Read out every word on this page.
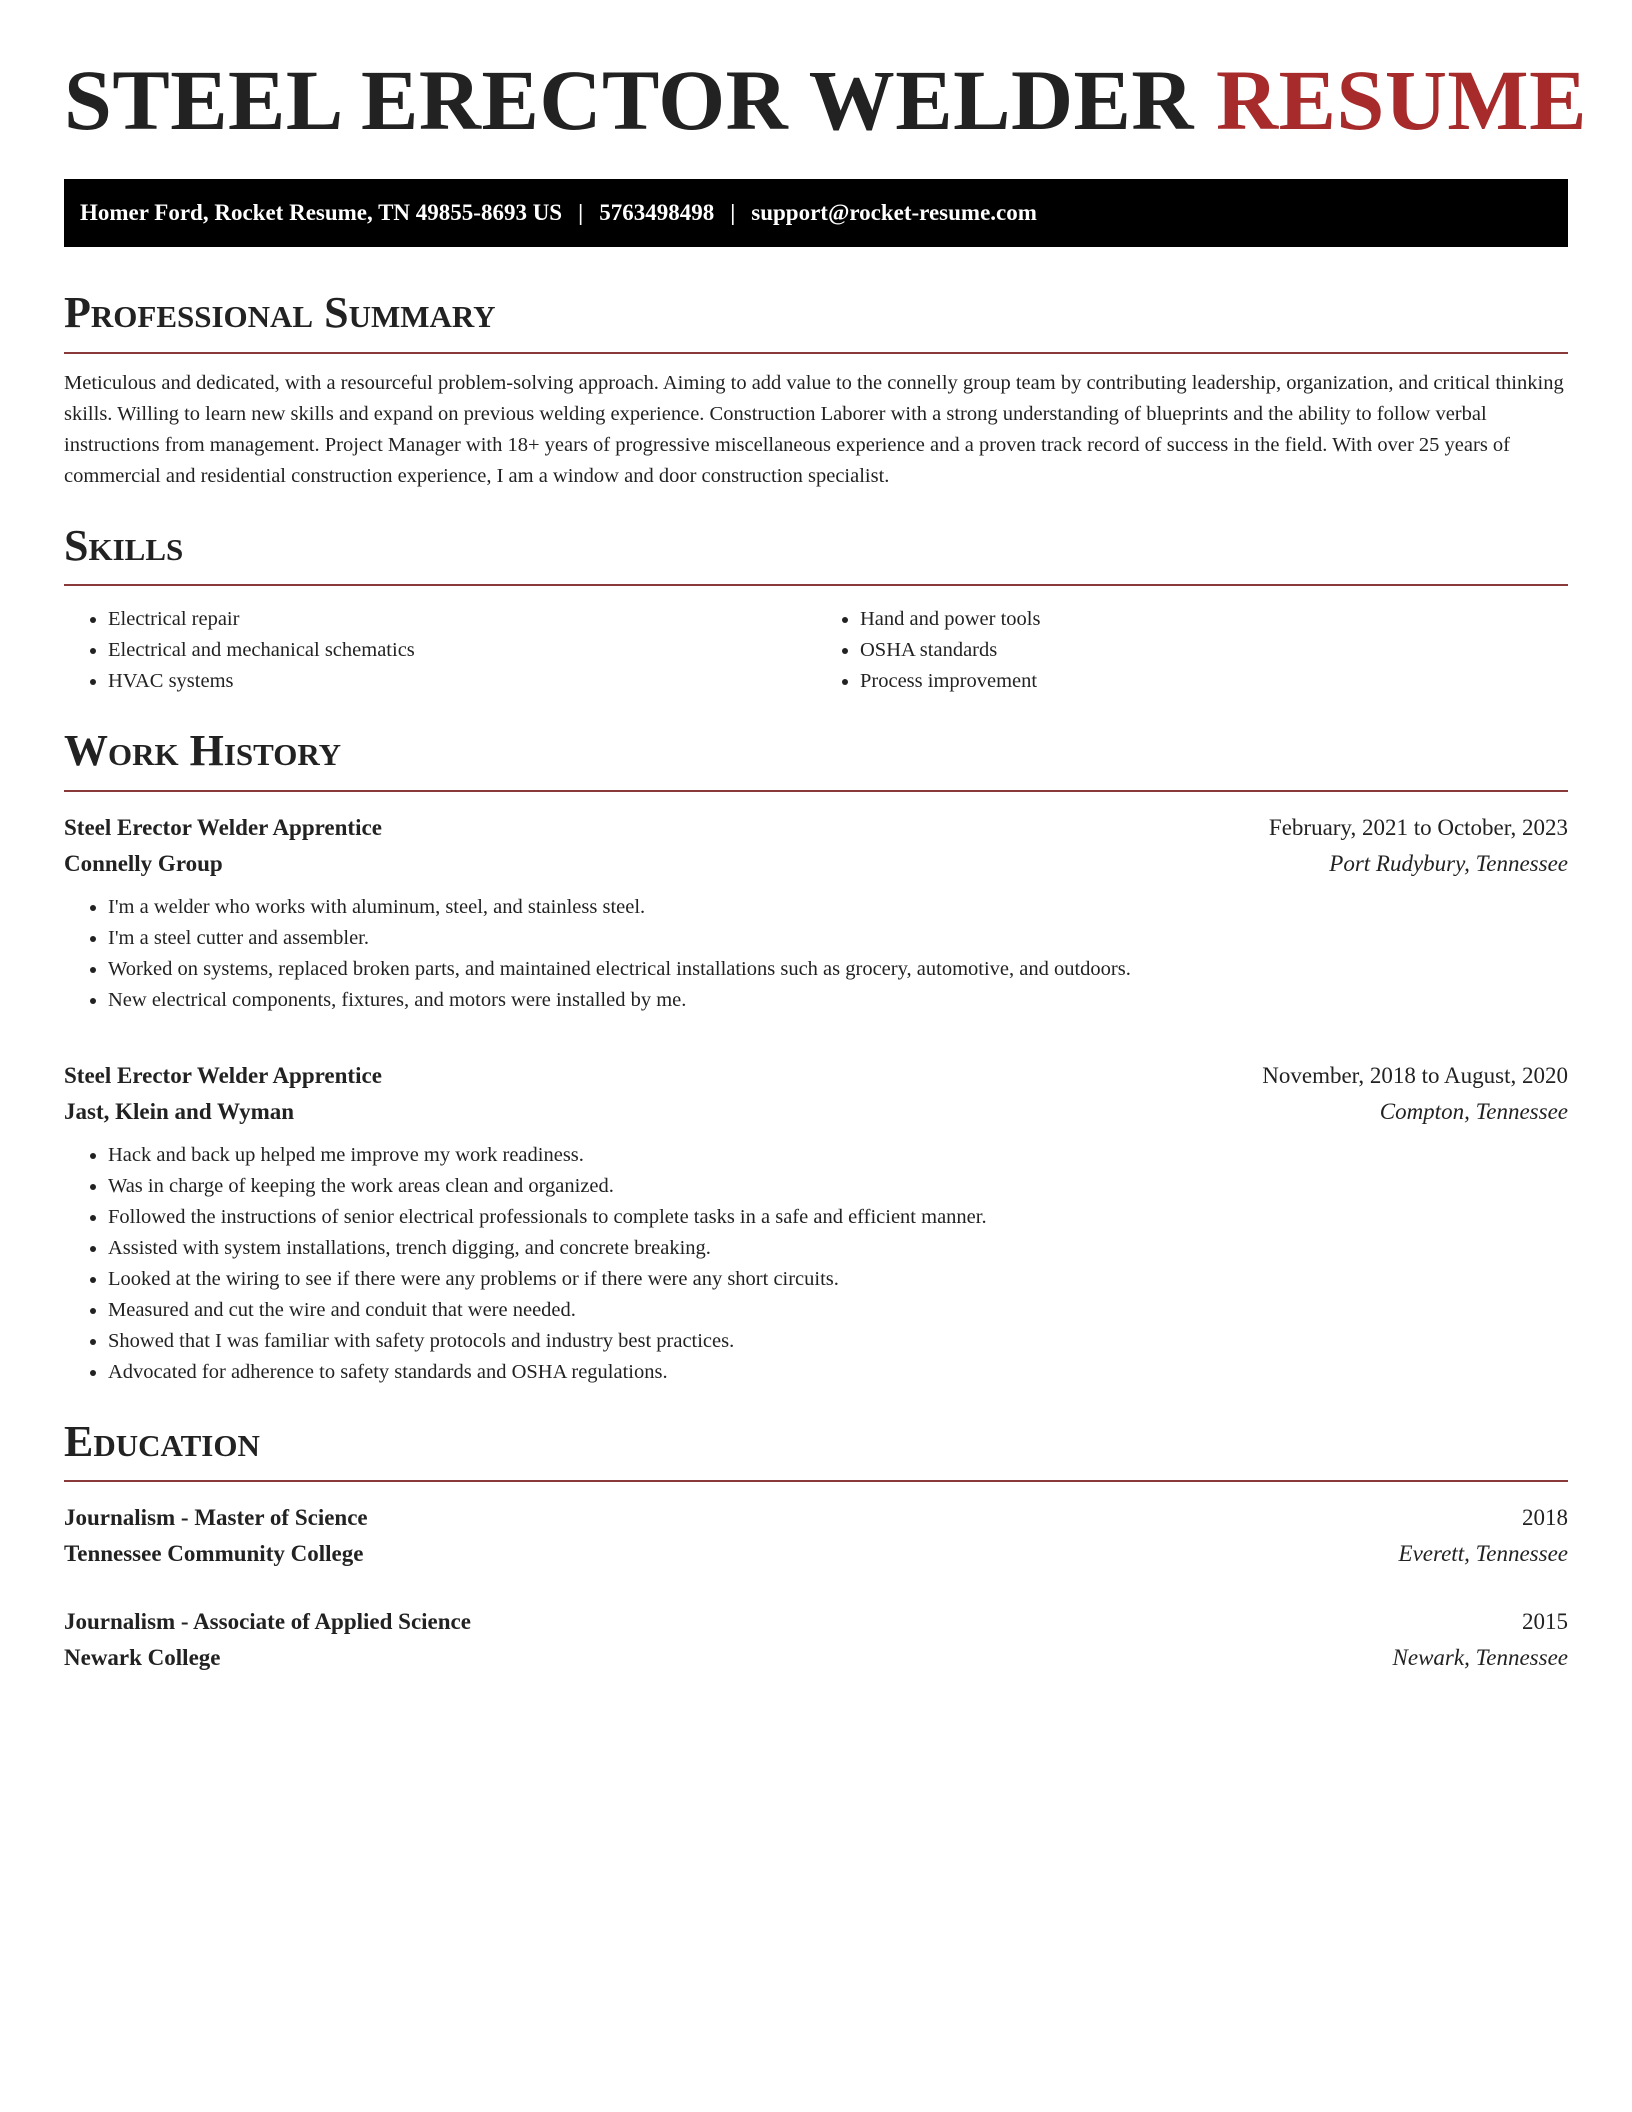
STEEL ERECTOR WELDER RESUME
Homer Ford, Rocket Resume, TN 49855-8693 US | 5763498498 | support@rocket-resume.com
Professional Summary

Meticulous and dedicated, with a resourceful problem-solving approach. Aiming to add value to the connelly group team by contributing leadership, organization, and critical thinking skills. Willing to learn new skills and expand on previous welding experience. Construction Laborer with a strong understanding of blueprints and the ability to follow verbal instructions from management. Project Manager with 18+ years of progressive miscellaneous experience and a proven track record of success in the field. With over 25 years of commercial and residential construction experience, I am a window and door construction specialist.

Skills
• Electrical repair
• Electrical and mechanical schematics
• HVAC systems
• Hand and power tools
• OSHA standards
• Process improvement
Work History
Steel Erector Welder Apprentice	February, 2021 to October, 2023
Connelly Group	Port Rudybury, Tennessee
• I'm a welder who works with aluminum, steel, and stainless steel.
• I'm a steel cutter and assembler.
• Worked on systems, replaced broken parts, and maintained electrical installations such as grocery, automotive, and outdoors.
• New electrical components, fixtures, and motors were installed by me.
Steel Erector Welder Apprentice	November, 2018 to August, 2020
Jast, Klein and Wyman	Compton, Tennessee
• Hack and back up helped me improve my work readiness.
• Was in charge of keeping the work areas clean and organized.
• Followed the instructions of senior electrical professionals to complete tasks in a safe and efficient manner.
• Assisted with system installations, trench digging, and concrete breaking.
• Looked at the wiring to see if there were any problems or if there were any short circuits.
• Measured and cut the wire and conduit that were needed.
• Showed that I was familiar with safety protocols and industry best practices.
• Advocated for adherence to safety standards and OSHA regulations.
Education
Journalism - Master of Science	2018
Tennessee Community College	Everett, Tennessee
Journalism - Associate of Applied Science	2015
Newark College	Newark, Tennessee
